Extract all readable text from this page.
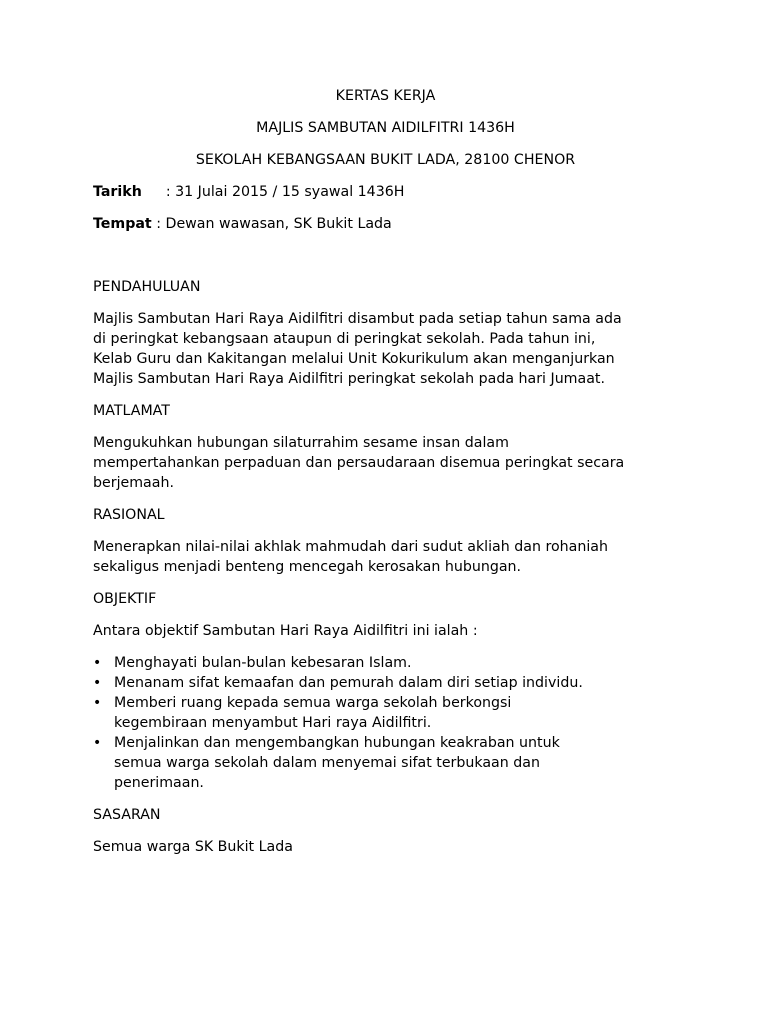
KERTAS KERJA
MAJLIS SAMBUTAN AIDILFITRI 1436H
SEKOLAH KEBANGSAAN BUKIT LADA, 28100 CHENOR
Tarikh : 31 Julai 2015 / 15 syawal 1436H
Tempat : Dewan wawasan, SK Bukit Lada
PENDAHULUAN
Majlis Sambutan Hari Raya Aidilfitri disambut pada setiap tahun sama ada
di peringkat kebangsaan ataupun di peringkat sekolah. Pada tahun ini,
Kelab Guru dan Kakitangan melalui Unit Kokurikulum akan menganjurkan
Majlis Sambutan Hari Raya Aidilfitri peringkat sekolah pada hari Jumaat.
MATLAMAT
Mengukuhkan hubungan silaturrahim sesame insan dalam
mempertahankan perpaduan dan persaudaraan disemua peringkat secara
berjemaah.
RASIONAL
Menerapkan nilai-nilai akhlak mahmudah dari sudut akliah dan rohaniah
sekaligus menjadi benteng mencegah kerosakan hubungan.
OBJEKTIF
Antara objektif Sambutan Hari Raya Aidilfitri ini ialah :
• Menghayati bulan-bulan kebesaran Islam.
• Menanam sifat kemaafan dan pemurah dalam diri setiap individu.
• Memberi ruang kepada semua warga sekolah berkongsi
kegembiraan menyambut Hari raya Aidilfitri.
• Menjalinkan dan mengembangkan hubungan keakraban untuk
semua warga sekolah dalam menyemai sifat terbukaan dan
penerimaan.
SASARAN
Semua warga SK Bukit Lada
